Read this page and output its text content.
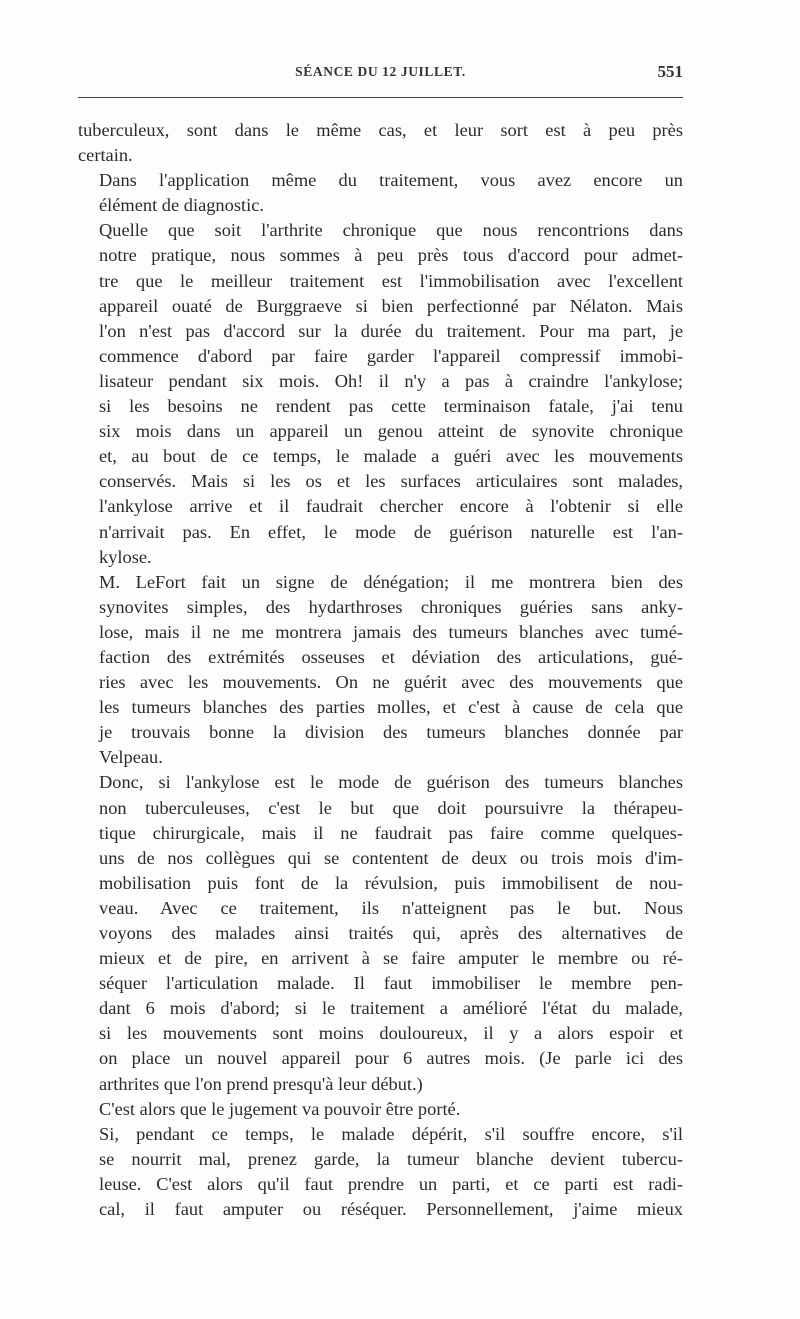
SÉANCE DU 12 JUILLET.	551
tuberculeux, sont dans le même cas, et leur sort est à peu près
certain.
Dans l'application même du traitement, vous avez encore un
élément de diagnostic.
Quelle que soit l'arthrite chronique que nous rencontrions dans
notre pratique, nous sommes à peu près tous d'accord pour admet-
tre que le meilleur traitement est l'immobilisation avec l'excellent
appareil ouaté de Burggraeve si bien perfectionné par Nélaton. Mais
l'on n'est pas d'accord sur la durée du traitement. Pour ma part, je
commence d'abord par faire garder l'appareil compressif immobi-
lisateur pendant six mois. Oh! il n'y a pas à craindre l'ankylose;
si les besoins ne rendent pas cette terminaison fatale, j'ai tenu
six mois dans un appareil un genou atteint de synovite chronique
et, au bout de ce temps, le malade a guéri avec les mouvements
conservés. Mais si les os et les surfaces articulaires sont malades,
l'ankylose arrive et il faudrait chercher encore à l'obtenir si elle
n'arrivait pas. En effet, le mode de guérison naturelle est l'an-
kylose.
M. LeFort fait un signe de dénégation; il me montrera bien des
synovites simples, des hydarthroses chroniques guéries sans anky-
lose, mais il ne me montrera jamais des tumeurs blanches avec tumé-
faction des extrémités osseuses et déviation des articulations, gué-
ries avec les mouvements. On ne guérit avec des mouvements que
les tumeurs blanches des parties molles, et c'est à cause de cela que
je trouvais bonne la division des tumeurs blanches donnée par
Velpeau.
Donc, si l'ankylose est le mode de guérison des tumeurs blanches
non tuberculeuses, c'est le but que doit poursuivre la thérapeu-
tique chirurgicale, mais il ne faudrait pas faire comme quelques-
uns de nos collègues qui se contentent de deux ou trois mois d'im-
mobilisation puis font de la révulsion, puis immobilisent de nou-
veau. Avec ce traitement, ils n'atteignent pas le but. Nous
voyons des malades ainsi traités qui, après des alternatives de
mieux et de pire, en arrivent à se faire amputer le membre ou ré-
séquer l'articulation malade. Il faut immobiliser le membre pen-
dant 6 mois d'abord; si le traitement a amélioré l'état du malade,
si les mouvements sont moins douloureux, il y a alors espoir et
on place un nouvel appareil pour 6 autres mois. (Je parle ici des
arthrites que l'on prend presqu'à leur début.)
C'est alors que le jugement va pouvoir être porté.
Si, pendant ce temps, le malade dépérit, s'il souffre encore, s'il
se nourrit mal, prenez garde, la tumeur blanche devient tubercu-
leuse. C'est alors qu'il faut prendre un parti, et ce parti est radi-
cal, il faut amputer ou réséquer. Personnellement, j'aime mieux
